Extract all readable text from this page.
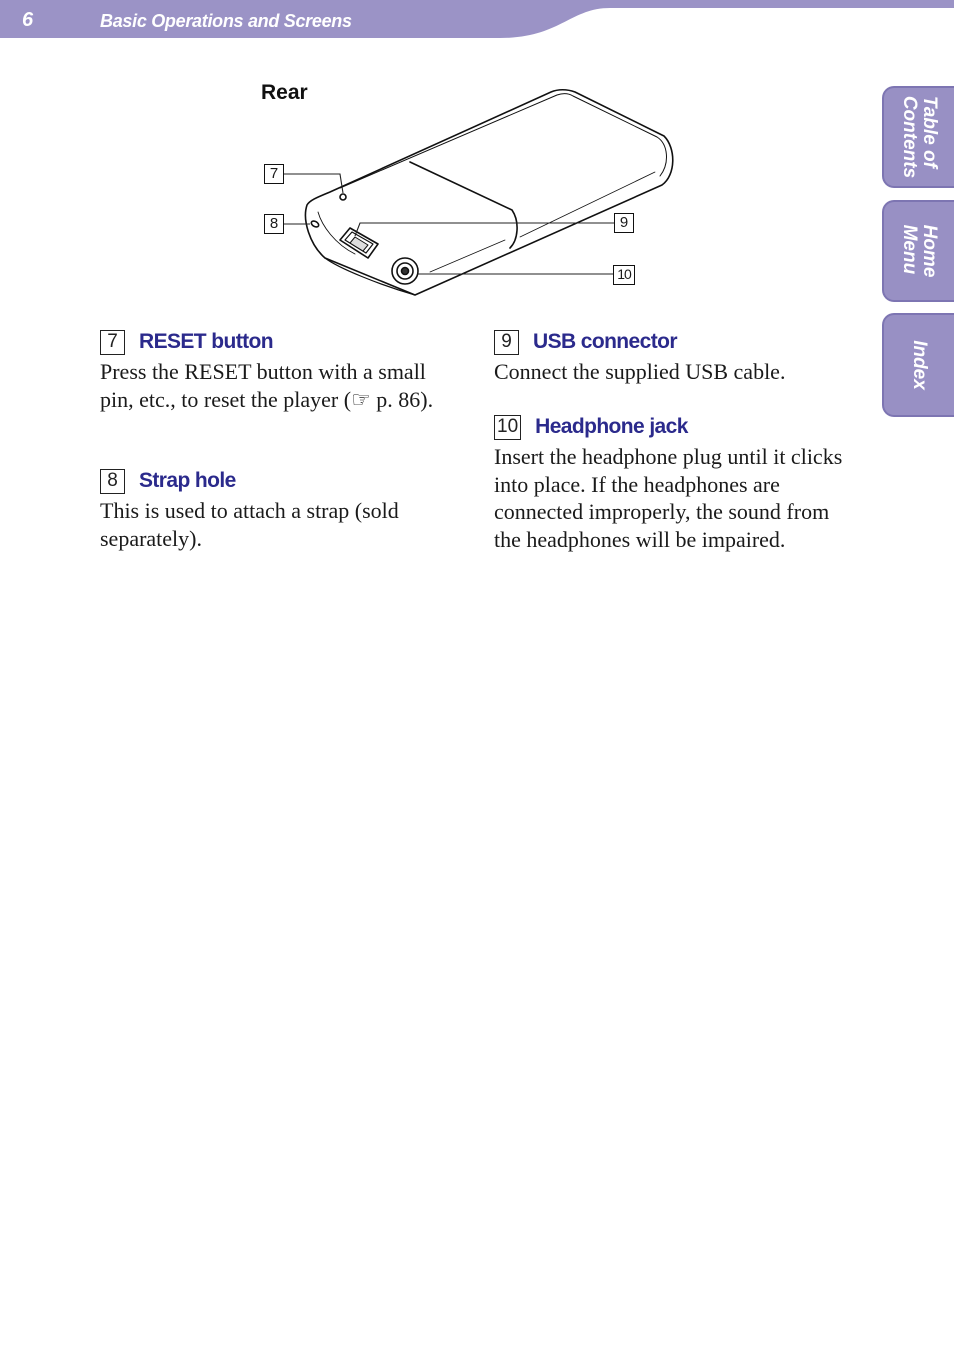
6	Basic Operations and Screens
Table of
Contents
Home
Menu
Index
Rear
7
8	9
10
7	RESET button
Press the RESET button with a small pin, etc., to reset the player (☞ p. 86).
8	Strap hole
This is used to attach a strap (sold separately).
9	USB connector
Connect the supplied USB cable.
10 Headphone jack
Insert the headphone plug until it clicks into place. If the headphones are connected improperly, the sound from the headphones will be impaired.
